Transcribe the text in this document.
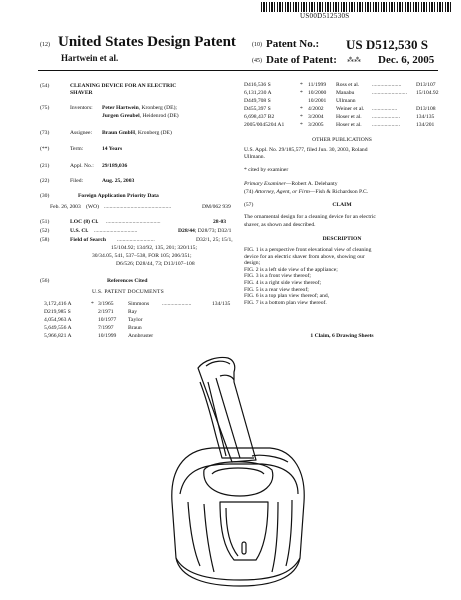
US00D512530S
(12) United States Design Patent
Hartwein et al.
(10) Patent No.: US D512,530 S
(45) Date of Patent: ⁂⁂ Dec. 6, 2005
(54)	CLEANING DEVICE FOR AN ELECTRIC
SHAVER
(75)	Inventors: Peter Hartwein, Kronberg (DE);
Jurgen Greubel, Heidenrod (DE)
(73)	Assignee: Braun GmbH, Kronberg (DE)
(**)	Term:	14 Years
(21)	Appl. No.: 29/189,036
(22)	Filed:	Aug. 25, 2003
(30)	Foreign Application Priority Data
Feb. 26, 2003 (WO) ................................................	DM/062 939
(51)	LOC (8) Cl. .......................................	28-03
(52)	U.S. Cl. ...............................	D28/44; D28/73; D32/1
(58)	Field of Search ...........................	D32/1, 25; 15/1,
15/104.92; 134/92, 135, 201; 320/115;
30/34.05, 541, 537–538, FOR 105; 206/351;
D6/526; D28/44, 73; D13/107–108
(56)	References Cited
U.S. PATENT DOCUMENTS
3,172,416 A	* 3/1965	Simmons .....................	134/135
D219,985 S	2/1971	Ray
4,054,963 A	10/1977 Taylor
5,649,556 A	7/1997	Braun
5,966,821 A	10/1999 Annbruster
D416,536 S	* 11/1999 Ross et al. .....................	D13/107
6,131,230 A	* 10/2000 Manabu	.........................	15/104.92
D449,708 S	10/2001 Ullmann
D455,397 S	* 4/2002 Weiner et al. ..................	D13/108
6,698,437 B2	* 3/2004 Hoser et al. ....................	134/135
2005/0045204 A1	* 3/2005 Hoser et al. ....................	134/201
OTHER PUBLICATIONS
U.S. Appl. No. 29/185,577, filed Jun. 30, 2003, Roland
Ullmann.
* cited by examiner
Primary Examiner—Robert A. Delehanty
(74) Attorney, Agent, or Firm—Fish & Richardson P.C.
(57)	CLAIM
The ornamental design for a cleaning device for an electric
shaver, as shown and described.
DESCRIPTION
FIG. 1 is a perspective front elevational view of cleaning
device for an electric shaver from above, showing our
design;
FIG. 2 is a left side view of the appliance;
FIG. 3 is a front view thereof;
FIG. 4 is a right side view thereof;
FIG. 5 is a rear view thereof;
FIG. 6 is a top plan view thereof; and,
FIG. 7 is a bottom plan view thereof.
1 Claim, 6 Drawing Sheets
